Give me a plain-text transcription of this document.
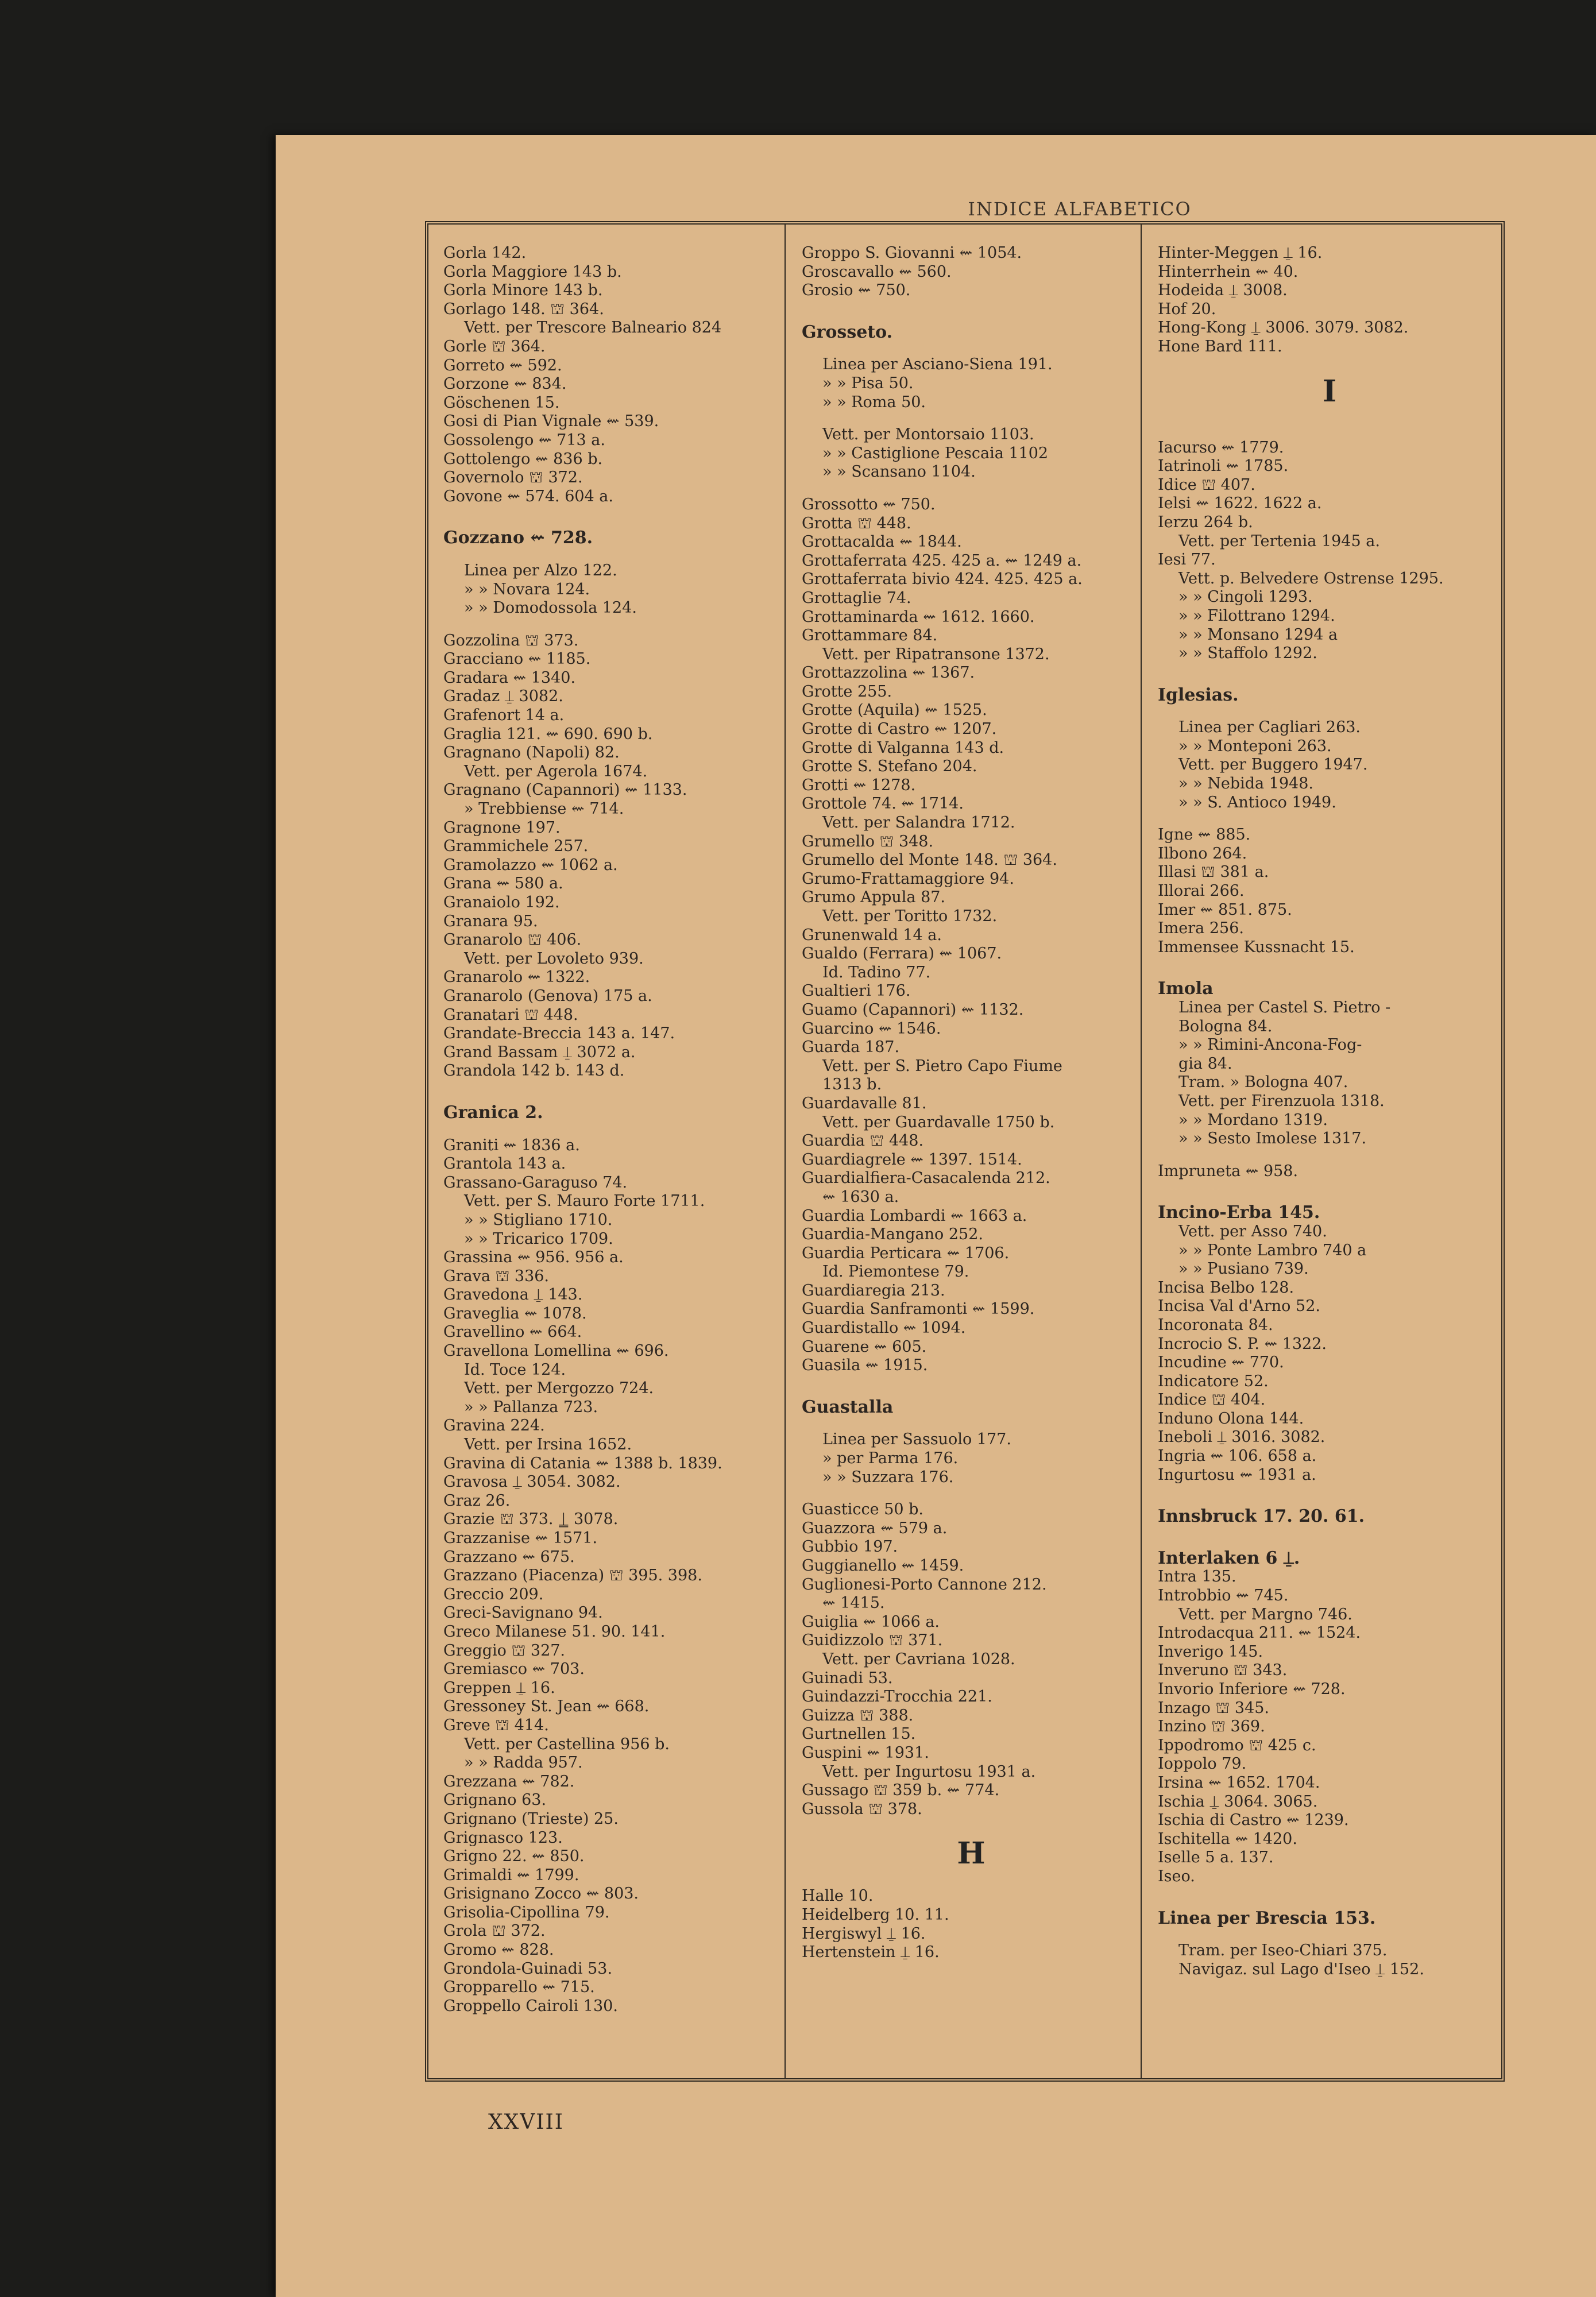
INDICE ALFABETICO
Gorla 142.
Gorla Maggiore 143 b.
Gorla Minore 143 b.
Gorlago 148. ⛫ 364.
Vett. per Trescore Balneario 824
Gorle ⛫ 364.
Gorreto ⇜ 592.
Gorzone ⇜ 834.
Göschenen 15.
Gosi di Pian Vignale ⇜ 539.
Gossolengo ⇜ 713 a.
Gottolengo ⇜ 836 b.
Governolo ⛫ 372.
Govone ⇜ 574. 604 a.
Gozzano ⇜ 728.
Linea per Alzo 122.
» » Novara 124.
» » Domodossola 124.
Gozzolina ⛫ 373.
Gracciano ⇜ 1185.
Gradara ⇜ 1340.
Gradaz ⍊ 3082.
Grafenort 14 a.
Graglia 121. ⇜ 690. 690 b.
Gragnano (Napoli) 82.
Vett. per Agerola 1674.
Gragnano (Capannori) ⇜ 1133.
» Trebbiense ⇜ 714.
Gragnone 197.
Grammichele 257.
Gramolazzo ⇜ 1062 a.
Grana ⇜ 580 a.
Granaiolo 192.
Granara 95.
Granarolo ⛫ 406.
Vett. per Lovoleto 939.
Granarolo ⇜ 1322.
Granarolo (Genova) 175 a.
Granatari ⛫ 448.
Grandate-Breccia 143 a. 147.
Grand Bassam ⍊ 3072 a.
Grandola 142 b. 143 d.
Granica 2.
Graniti ⇜ 1836 a.
Grantola 143 a.
Grassano-Garaguso 74.
Vett. per S. Mauro Forte 1711.
» » Stigliano 1710.
» » Tricarico 1709.
Grassina ⇜ 956. 956 a.
Grava ⛫ 336.
Gravedona ⍊ 143.
Graveglia ⇜ 1078.
Gravellino ⇜ 664.
Gravellona Lomellina ⇜ 696.
Id. Toce 124.
Vett. per Mergozzo 724.
» » Pallanza 723.
Gravina 224.
Vett. per Irsina 1652.
Gravina di Catania ⇜ 1388 b. 1839.
Gravosa ⍊ 3054. 3082.
Graz 26.
Grazie ⛫ 373. ⍊ 3078.
Grazzanise ⇜ 1571.
Grazzano ⇜ 675.
Grazzano (Piacenza) ⛫ 395. 398.
Greccio 209.
Greci-Savignano 94.
Greco Milanese 51. 90. 141.
Greggio ⛫ 327.
Gremiasco ⇜ 703.
Greppen ⍊ 16.
Gressoney St. Jean ⇜ 668.
Greve ⛫ 414.
Vett. per Castellina 956 b.
» » Radda 957.
Grezzana ⇜ 782.
Grignano 63.
Grignano (Trieste) 25.
Grignasco 123.
Grigno 22. ⇜ 850.
Grimaldi ⇜ 1799.
Grisignano Zocco ⇜ 803.
Grisolia-Cipollina 79.
Grola ⛫ 372.
Gromo ⇜ 828.
Grondola-Guinadi 53.
Gropparello ⇜ 715.
Groppello Cairoli 130.
Groppo S. Giovanni ⇜ 1054.
Groscavallo ⇜ 560.
Grosio ⇜ 750.
Grosseto.
Linea per Asciano-Siena 191.
» » Pisa 50.
» » Roma 50.
Vett. per Montorsaio 1103.
» » Castiglione Pescaia 1102
» » Scansano 1104.
Grossotto ⇜ 750.
Grotta ⛫ 448.
Grottacalda ⇜ 1844.
Grottaferrata 425. 425 a. ⇜ 1249 a.
Grottaferrata bivio 424. 425. 425 a.
Grottaglie 74.
Grottaminarda ⇜ 1612. 1660.
Grottammare 84.
Vett. per Ripatransone 1372.
Grottazzolina ⇜ 1367.
Grotte 255.
Grotte (Aquila) ⇜ 1525.
Grotte di Castro ⇜ 1207.
Grotte di Valganna 143 d.
Grotte S. Stefano 204.
Grotti ⇜ 1278.
Grottole 74. ⇜ 1714.
Vett. per Salandra 1712.
Grumello ⛫ 348.
Grumello del Monte 148. ⛫ 364.
Grumo-Frattamaggiore 94.
Grumo Appula 87.
Vett. per Toritto 1732.
Grunenwald 14 a.
Gualdo (Ferrara) ⇜ 1067.
Id. Tadino 77.
Gualtieri 176.
Guamo (Capannori) ⇜ 1132.
Guarcino ⇜ 1546.
Guarda 187.
Vett. per S. Pietro Capo Fiume
1313 b.
Guardavalle 81.
Vett. per Guardavalle 1750 b.
Guardia ⛫ 448.
Guardiagrele ⇜ 1397. 1514.
Guardialfiera-Casacalenda 212.
⇜ 1630 a.
Guardia Lombardi ⇜ 1663 a.
Guardia-Mangano 252.
Guardia Perticara ⇜ 1706.
Id. Piemontese 79.
Guardiaregia 213.
Guardia Sanframonti ⇜ 1599.
Guardistallo ⇜ 1094.
Guarene ⇜ 605.
Guasila ⇜ 1915.
Guastalla
Linea per Sassuolo 177.
» per Parma 176.
» » Suzzara 176.
Guasticce 50 b.
Guazzora ⇜ 579 a.
Gubbio 197.
Guggianello ⇜ 1459.
Guglionesi-Porto Cannone 212.
⇜ 1415.
Guiglia ⇜ 1066 a.
Guidizzolo ⛫ 371.
Vett. per Cavriana 1028.
Guinadi 53.
Guindazzi-Trocchia 221.
Guizza ⛫ 388.
Gurtnellen 15.
Guspini ⇜ 1931.
Vett. per Ingurtosu 1931 a.
Gussago ⛫ 359 b. ⇜ 774.
Gussola ⛫ 378.
H
Halle 10.
Heidelberg 10. 11.
Hergiswyl ⍊ 16.
Hertenstein ⍊ 16.
Hinter-Meggen ⍊ 16.
Hinterrhein ⇜ 40.
Hodeida ⍊ 3008.
Hof 20.
Hong-Kong ⍊ 3006. 3079. 3082.
Hone Bard 111.
I
Iacurso ⇜ 1779.
Iatrinoli ⇜ 1785.
Idice ⛫ 407.
Ielsi ⇜ 1622. 1622 a.
Ierzu 264 b.
Vett. per Tertenia 1945 a.
Iesi 77.
Vett. p. Belvedere Ostrense 1295.
» » Cingoli 1293.
» » Filottrano 1294.
» » Monsano 1294 a
» » Staffolo 1292.
Iglesias.
Linea per Cagliari 263.
» » Monteponi 263.
Vett. per Buggero 1947.
» » Nebida 1948.
» » S. Antioco 1949.
Igne ⇜ 885.
Ilbono 264.
Illasi ⛫ 381 a.
Illorai 266.
Imer ⇜ 851. 875.
Imera 256.
Immensee Kussnacht 15.
Imola
Linea per Castel S. Pietro -
Bologna 84.
» » Rimini-Ancona-Fog-
gia 84.
Tram. » Bologna 407.
Vett. per Firenzuola 1318.
» » Mordano 1319.
» » Sesto Imolese 1317.
Impruneta ⇜ 958.
Incino-Erba 145.
Vett. per Asso 740.
» » Ponte Lambro 740 a
» » Pusiano 739.
Incisa Belbo 128.
Incisa Val d'Arno 52.
Incoronata 84.
Incrocio S. P. ⇜ 1322.
Incudine ⇜ 770.
Indicatore 52.
Indice ⛫ 404.
Induno Olona 144.
Ineboli ⍊ 3016. 3082.
Ingria ⇜ 106. 658 a.
Ingurtosu ⇜ 1931 a.
Innsbruck 17. 20. 61.
Interlaken 6 ⍊.
Intra 135.
Introbbio ⇜ 745.
Vett. per Margno 746.
Introdacqua 211. ⇜ 1524.
Inverigo 145.
Inveruno ⛫ 343.
Invorio Inferiore ⇜ 728.
Inzago ⛫ 345.
Inzino ⛫ 369.
Ippodromo ⛫ 425 c.
Ioppolo 79.
Irsina ⇜ 1652. 1704.
Ischia ⍊ 3064. 3065.
Ischia di Castro ⇜ 1239.
Ischitella ⇜ 1420.
Iselle 5 a. 137.
Iseo.
Linea per Brescia 153.
Tram. per Iseo-Chiari 375.
Navigaz. sul Lago d'Iseo ⍊ 152.
XXVIII
